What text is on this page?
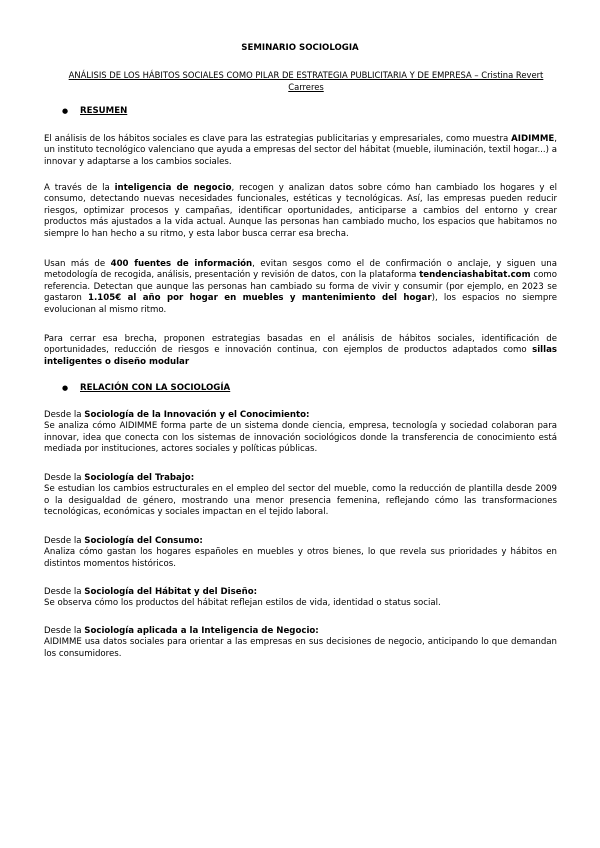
SEMINARIO SOCIOLOGIA
ANÁLISIS DE LOS HÁBITOS SOCIALES COMO PILAR DE ESTRATEGIA PUBLICITARIA Y DE EMPRESA – Cristina Revert Carreres
● RESUMEN

El análisis de los hábitos sociales es clave para las estrategias publicitarias y empresariales, como muestra AIDIMME, un instituto tecnológico valenciano que ayuda a empresas del sector del hábitat (mueble, iluminación, textil hogar...) a innovar y adaptarse a los cambios sociales.

A través de la inteligencia de negocio, recogen y analizan datos sobre cómo han cambiado los hogares y el consumo, detectando nuevas necesidades funcionales, estéticas y tecnológicas. Así, las empresas pueden reducir riesgos, optimizar procesos y campañas, identificar oportunidades, anticiparse a cambios del entorno y crear productos más ajustados a la vida actual. Aunque las personas han cambiado mucho, los espacios que habitamos no siempre lo han hecho a su ritmo, y esta labor busca cerrar esa brecha.

Usan más de 400 fuentes de información, evitan sesgos como el de confirmación o anclaje, y siguen una metodología de recogida, análisis, presentación y revisión de datos, con la plataforma tendenciashabitat.com como referencia. Detectan que aunque las personas han cambiado su forma de vivir y consumir (por ejemplo, en 2023 se gastaron 1.105€ al año por hogar en muebles y mantenimiento del hogar), los espacios no siempre evolucionan al mismo ritmo.

Para cerrar esa brecha, proponen estrategias basadas en el análisis de hábitos sociales, identificación de oportunidades, reducción de riesgos e innovación continua, con ejemplos de productos adaptados como sillas inteligentes o diseño modular

● RELACIÓN CON LA SOCIOLOGÍA
Desde la Sociología de la Innovación y el Conocimiento:
Se analiza cómo AIDIMME forma parte de un sistema donde ciencia, empresa, tecnología y sociedad colaboran para innovar, idea que conecta con los sistemas de innovación sociológicos donde la transferencia de conocimiento está mediada por instituciones, actores sociales y políticas públicas.
Desde la Sociología del Trabajo:
Se estudian los cambios estructurales en el empleo del sector del mueble, como la reducción de plantilla desde 2009 o la desigualdad de género, mostrando una menor presencia femenina, reflejando cómo las transformaciones tecnológicas, económicas y sociales impactan en el tejido laboral.
Desde la Sociología del Consumo:
Analiza cómo gastan los hogares españoles en muebles y otros bienes, lo que revela sus prioridades y hábitos en distintos momentos históricos.
Desde la Sociología del Hábitat y del Diseño:
Se observa cómo los productos del hábitat reflejan estilos de vida, identidad o status social.
Desde la Sociología aplicada a la Inteligencia de Negocio:
AIDIMME usa datos sociales para orientar a las empresas en sus decisiones de negocio, anticipando lo que demandan los consumidores.
